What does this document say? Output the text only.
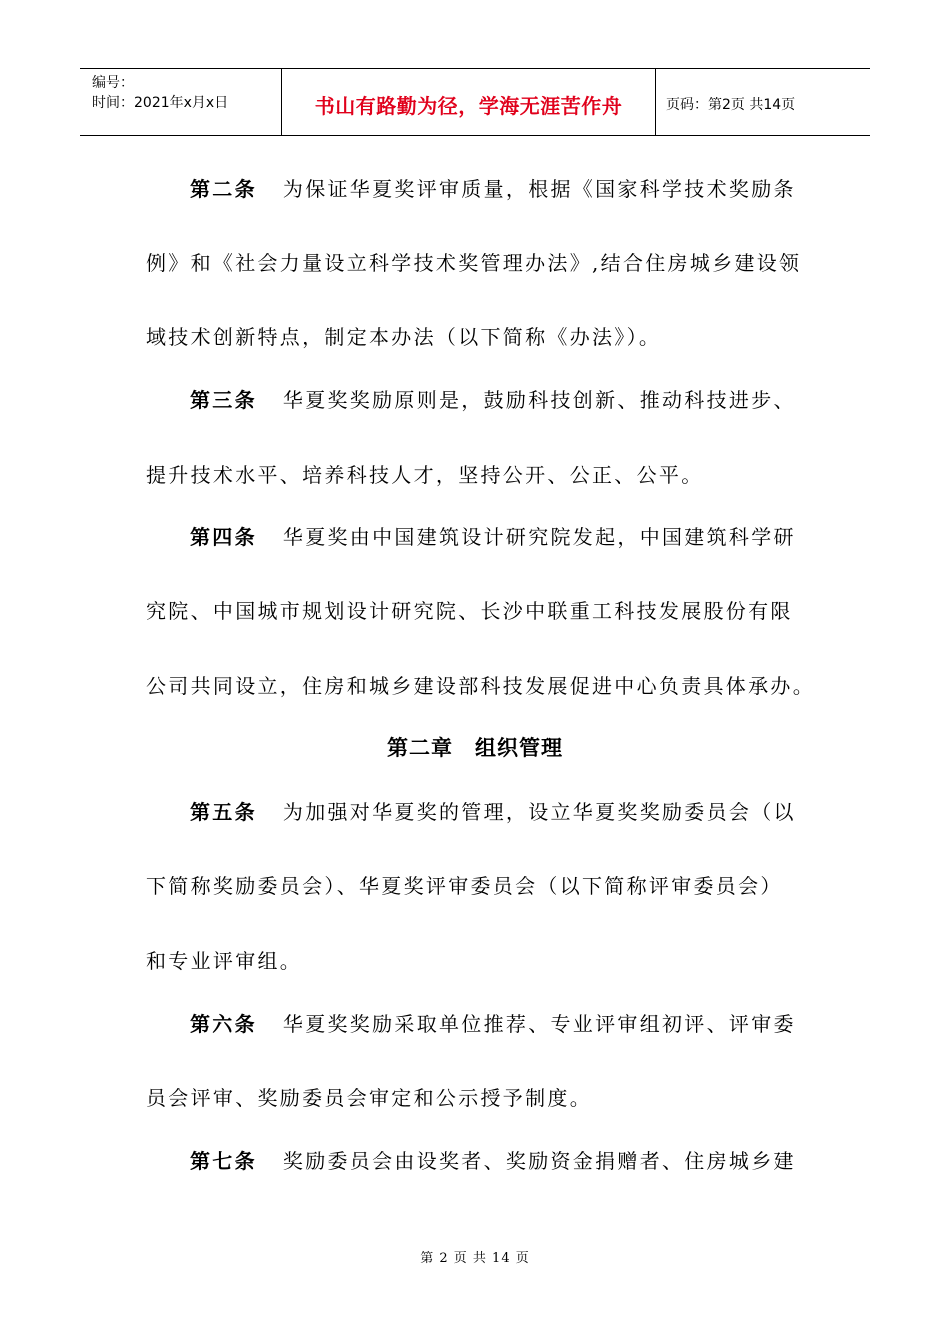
编号：
时间：2021年x月x日	书山有路勤为径，学海无涯苦作舟	页码：第2页 共14页
第二条 为保证华夏奖评审质量，根据《国家科学技术奖励条
例》和《社会力量设立科学技术奖管理办法》,结合住房城乡建设领
域技术创新特点，制定本办法（以下简称《办法》）。
第三条 华夏奖奖励原则是，鼓励科技创新、推动科技进步、
提升技术水平、培养科技人才，坚持公开、公正、公平。
第四条 华夏奖由中国建筑设计研究院发起，中国建筑科学研
究院、中国城市规划设计研究院、长沙中联重工科技发展股份有限
公司共同设立，住房和城乡建设部科技发展促进中心负责具体承办。
第二章 组织管理
第五条 为加强对华夏奖的管理，设立华夏奖奖励委员会（以
下简称奖励委员会）、华夏奖评审委员会（以下简称评审委员会）
和专业评审组。
第六条 华夏奖奖励采取单位推荐、专业评审组初评、评审委
员会评审、奖励委员会审定和公示授予制度。
第七条 奖励委员会由设奖者、奖励资金捐赠者、住房城乡建
第 2 页 共 14 页
